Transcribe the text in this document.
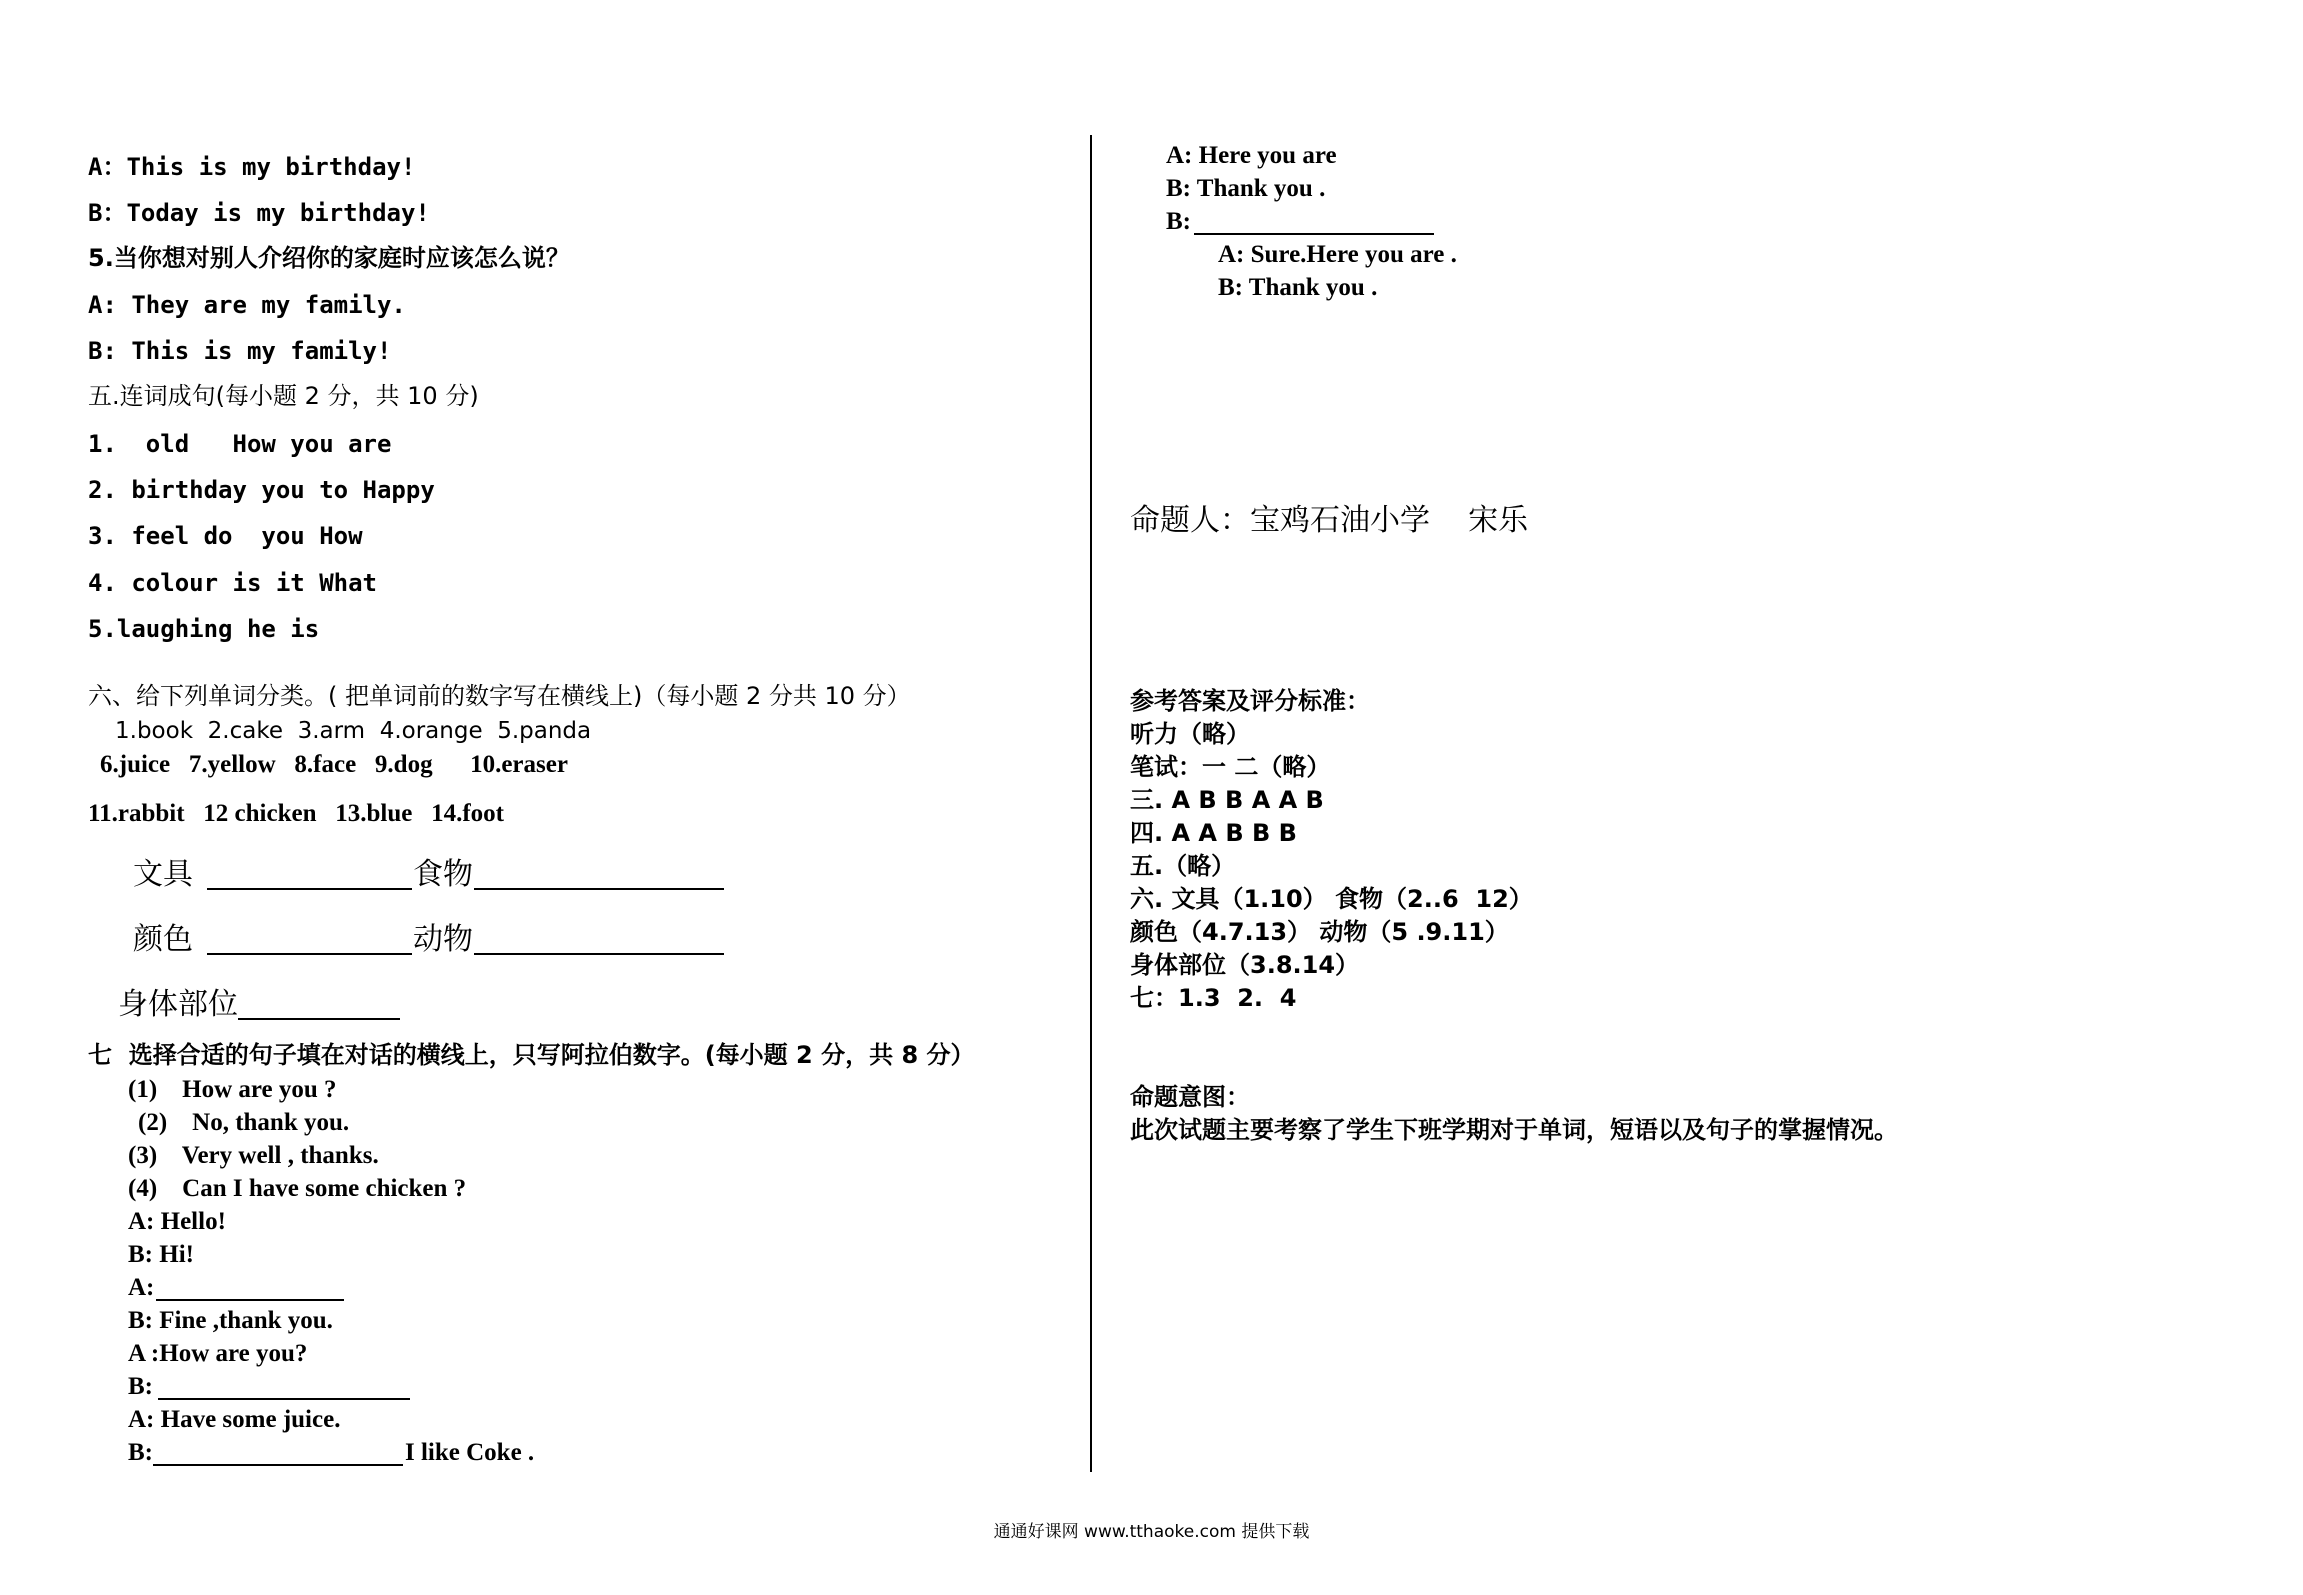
A：This is my birthday!
B：Today is my birthday!
5.当你想对别人介绍你的家庭时应该怎么说？
A: They are my family.
B: This is my family!
五.连词成句(每小题 2 分，共 10 分)
1.  old   How you are
2. birthday you to Happy
3. feel do  you How
4. colour is it What
5.laughing he is
六、给下列单词分类。( 把单词前的数字写在横线上)（每小题 2 分共 10 分）
1.book  2.cake  3.arm  4.orange  5.panda
6.juice   7.yellow   8.face   9.dog      10.eraser
11.rabbit   12 chicken   13.blue   14.foot
文具	食物
颜色	动物
身体部位
七  选择合适的句子填在对话的横线上，只写阿拉伯数字。(每小题 2 分，共 8 分）
(1)    How are you ?
(2)    No, thank you.
(3)    Very well , thanks.
(4)    Can I have some chicken ?
A: Hello!
B: Hi!
A:
B: Fine ,thank you.
A :How are you?
B:
A: Have some juice.
B:	I like Coke .
A: Here you are
B: Thank you .
B:
A: Sure.Here you are .
B: Thank you .
命题人：宝鸡石油小学    宋乐
参考答案及评分标准：
听力（略）
笔试：一 二（略）
三. A B B A A B
四. A A B B B
五.（略）
六. 文具（1.10） 食物（2..6  12）
颜色（4.7.13） 动物（5 .9.11）
身体部位（3.8.14）
七：1.3  2.  4
命题意图：
此次试题主要考察了学生下班学期对于单词，短语以及句子的掌握情况。
通通好课网 www.tthaoke.com 提供下载
